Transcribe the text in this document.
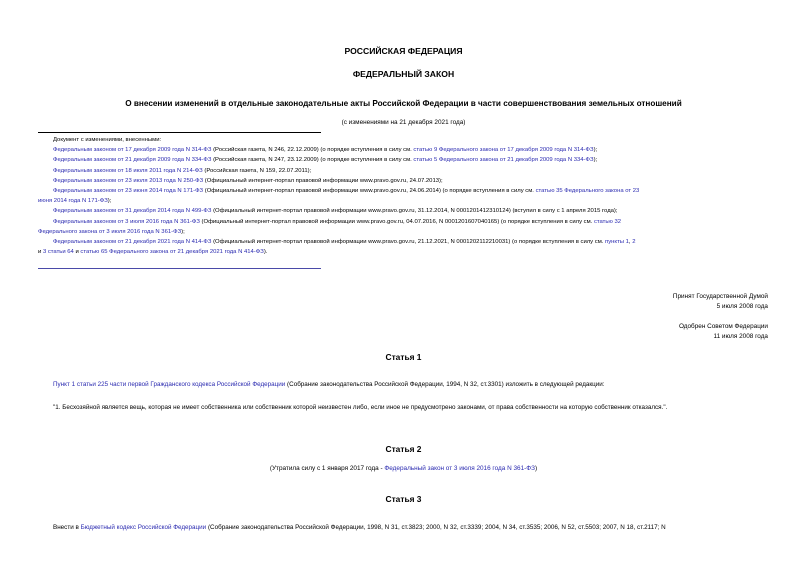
РОССИЙСКАЯ ФЕДЕРАЦИЯ
ФЕДЕРАЛЬНЫЙ ЗАКОН
О внесении изменений в отдельные законодательные акты Российской Федерации в части совершенствования земельных отношений
(с изменениями на 21 декабря 2021 года)
Документ с изменениями, внесенными:
Федеральным законом от 17 декабря 2009 года N 314-ФЗ (Российская газета, N 246, 22.12.2009) (о порядке вступления в силу см. статью 9 Федерального закона от 17 декабря 2009 года N 314-ФЗ);
Федеральным законом от 21 декабря 2009 года N 334-ФЗ (Российская газета, N 247, 23.12.2009) (о порядке вступления в силу см. статью 5 Федерального закона от 21 декабря 2009 года N 334-ФЗ);
Федеральным законом от 18 июля 2011 года N 214-ФЗ (Российская газета, N 159, 22.07.2011);
Федеральным законом от 23 июля 2013 года N 250-ФЗ (Официальный интернет-портал правовой информации www.pravo.gov.ru, 24.07.2013);
Федеральным законом от 23 июня 2014 года N 171-ФЗ (Официальный интернет-портал правовой информации www.pravo.gov.ru, 24.06.2014) (о порядке вступления в силу см. статью 35 Федерального закона от 23
июня 2014 года N 171-ФЗ);
Федеральным законом от 31 декабря 2014 года N 499-ФЗ (Официальный интернет-портал правовой информации www.pravo.gov.ru, 31.12.2014, N 0001201412310124) (вступил в силу с 1 апреля 2015 года);
Федеральным законом от 3 июля 2016 года N 361-ФЗ (Официальный интернет-портал правовой информации www.pravo.gov.ru, 04.07.2016, N 0001201607040165) (о порядке вступления в силу см. статью 32
Федерального закона от 3 июля 2016 года N 361-ФЗ);
Федеральным законом от 21 декабря 2021 года N 414-ФЗ (Официальный интернет-портал правовой информации www.pravo.gov.ru, 21.12.2021, N 0001202112210031) (о порядке вступления в силу см. пункты 1, 2
и 3 статьи 64 и статью 65 Федерального закона от 21 декабря 2021 года N 414-ФЗ).
Принят Государственной Думой
5 июля 2008 года
Одобрен Советом Федерации
11 июля 2008 года
Статья 1
Пункт 1 статьи 225 части первой Гражданского кодекса Российской Федерации (Собрание законодательства Российской Федерации, 1994, N 32, ст.3301) изложить в следующей редакции:
"1. Бесхозяйной является вещь, которая не имеет собственника или собственник которой неизвестен либо, если иное не предусмотрено законами, от права собственности на которую собственник отказался.".
Статья 2
(Утратила силу с 1 января 2017 года - Федеральный закон от 3 июля 2016 года N 361-ФЗ)
Статья 3
Внести в Бюджетный кодекс Российской Федерации (Собрание законодательства Российской Федерации, 1998, N 31, ст.3823; 2000, N 32, ст.3339; 2004, N 34, ст.3535; 2006, N 52, ст.5503; 2007, N 18, ст.2117; N
